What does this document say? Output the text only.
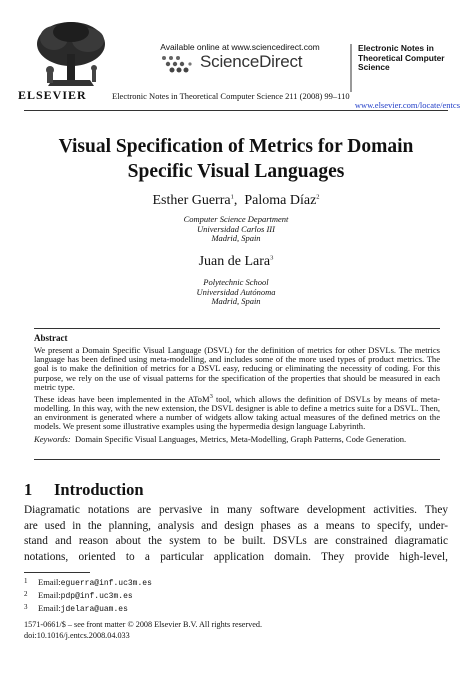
ELSEVIER
Available online at www.sciencedirect.com
ScienceDirect
Electronic Notes in
Theoretical Computer
Science
Electronic Notes in Theoretical Computer Science 211 (2008) 99–110
www.elsevier.com/locate/entcs
Visual Specification of Metrics for Domain
Specific Visual Languages
Esther Guerra$^1$, Paloma Díaz$^2$
Computer Science Department
Universidad Carlos III
Madrid, Spain
Juan de Lara$^3$
Polytechnic School
Universidad Autónoma
Madrid, Spain
Abstract

We present a Domain Specific Visual Language (DSVL) for the definition of metrics for other DSVLs. The metrics language has been defined using meta-modelling, and includes some of the more used types of product metrics. The goal is to make the definition of metrics for a DSVL easy, reducing or eliminating the necessity of coding. For this purpose, we rely on the use of visual patterns for the specification of the properties that should be measured in each metric type.

These ideas have been implemented in the AToM$^3$ tool, which allows the definition of DSVLs by means of meta-modelling. In this way, with the new extension, the DSVL designer is able to define a metrics suite for a DSVL. Then, an environment is generated where a number of widgets allow taking actual measures of the defined metrics on the models. We present some illustrative examples using the hypermedia design language Labyrinth.

Keywords: Domain Specific Visual Languages, Metrics, Meta-Modelling, Graph Patterns, Code Generation.
1 Introduction
Diagramatic notations are pervasive in many software development activities. They
are used in the planning, analysis and design phases as a means to specify, under-
stand and reason about the system to be built. DSVLs are constrained diagramatic
notations, oriented to a particular application domain. They provide high-level,
1 Email:eguerra@inf.uc3m.es
2 Email:pdp@inf.uc3m.es
3 Email:jdelara@uam.es
1571-0661/$ – see front matter © 2008 Elsevier B.V. All rights reserved.
doi:10.1016/j.entcs.2008.04.033
